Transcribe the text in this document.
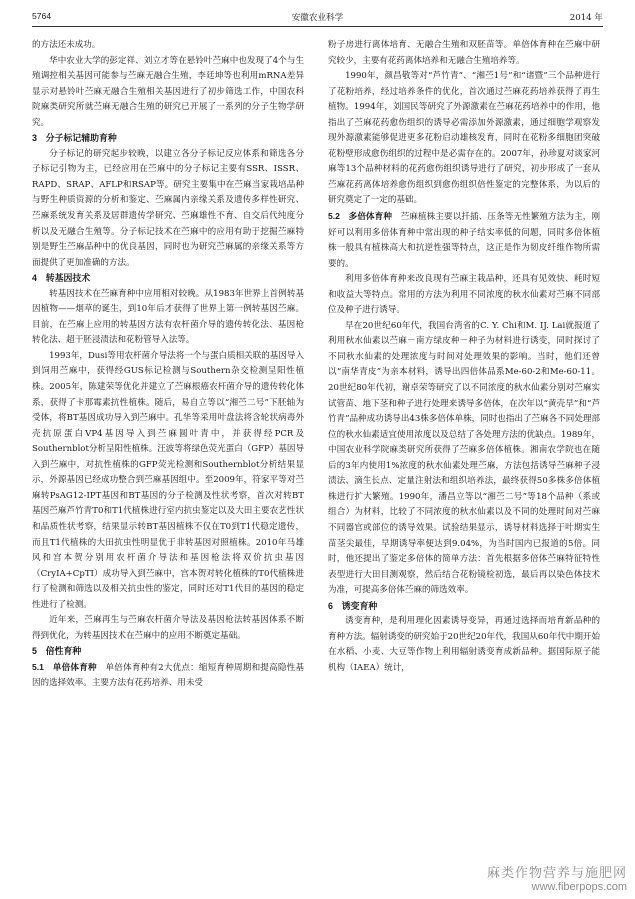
5764	安徽农业科学	2014 年

的方法还未成功。

华中农业大学的彭定祥、刘立才等在悬铃叶苎麻中也发现了4个与生殖调控相关基因可能参与苎麻无融合生殖，李廷坤等也利用mRNA差异显示对悬铃叶苎麻无融合生殖相关基因进行了初步筛选工作，中国农科院麻类研究所就苎麻无融合生殖的研究已开展了一系列的分子生物学研究。

3　分子标记辅助育种

分子标记的研究起步较晚，以建立各分子标记反应体系和筛选各分子标记引物为主，已经应用在苎麻中的分子标记主要有SSR、ISSR、RAPD、SRAP、AFLP和RSAP等。研究主要集中在苎麻当家栽培品种与野生种质资源的分析和鉴定、苎麻属内亲缘关系及遗传多样性研究、苎麻系统发育关系及居群遗传学研究、苎麻雄性不育、自交后代纯度分析以及无融合生殖等。分子标记技术在苎麻中的应用有助于挖掘苎麻特别是野生苎麻品种中的优良基因，同时也为研究苎麻属的亲缘关系等方面提供了更加准确的方法。

4　转基因技术

转基因技术在苎麻育种中应用相对较晚。从1983年世界上首例转基因植物——烟草的诞生，到10年后才获得了世界上第一例转基因苎麻。目前，在苎麻上应用的转基因方法有农杆菌介导的遗传转化法、基因枪转化法、超干胚浸渍法和花粉管导入法等。

1993年，Dusi等用农杆菌介导法将一个与蛋白质相关联的基因导入到饲用苎麻中，获得经GUS标记检测与Southern杂交检测呈阳性植株。2005年，陈建荣等优化并建立了苎麻根癌农杆菌介导的遗传转化体系，获得了卡那霉素抗性植株。随后，易自立等以“湘苎二号”下胚轴为受体，将BT基因成功导入到苎麻中。孔华等采用叶盘法将含轮状病毒外壳抗原蛋白VP4基因导入到苎麻圆叶青中，并获得经PCR及Southernblot分析呈阳性植株。汪波等将绿色荧光蛋白（GFP）基因导入到苎麻中，对抗性植株的GFP荧光检测和Southernblot分析结果显示，外源基因已经成功整合到苎麻基因组中。至2009年，符家平等对苎麻转PsAG12-IPT基因和BT基因的分子检测及性状考察，首次对转BT基因苎麻芦竹青T0和T1代植株进行室内抗虫鉴定以及大田主要农艺性状和品质性状考察，结果显示转BT基因植株不仅在T0到T1代稳定遗传，而且T1代植株的大田抗虫性明显优于非转基因对照植株。2010年马雄风和宫本贺分别用农杆菌介导法和基因枪法将双价抗虫基因（CryIA+CpTI）成功导入到苎麻中，宫本贺对转化植株的T0代植株进行了检测和筛选以及相关抗虫性的鉴定，同时还对T1代目的基因的稳定性进行了检测。

近年来，苎麻再生与苎麻农杆菌介导法及基因枪法转基因体系不断得到优化，为转基因技术在苎麻中的应用不断奠定基础。

5　倍性育种

5.1　单倍体育种　单倍体育种有2大优点：缩短育种周期和提高隐性基因的选择效率。主要方法有花药培养、用未受

粉子房进行离体培育、无融合生殖和双胚苗等。单倍体育种在苎麻中研究较少，主要有花药离体培养和无融合生殖培养等。

1990年，颜昌敬等对“芦竹青”、“湘苎1号”和“诸暨”三个品种进行了花粉培养，经过培养条件的优化，首次通过苎麻花药培养获得了再生植物。1994年，刘国民等研究了外源激素在苎麻花药培养中的作用，他指出了苎麻花药愈伤组织的诱导必需添加外源激素，通过细胞学观察发现外源激素能够促进更多花粉启动雄核发育，同时在花粉多细胞团突破花粉壁形成愈伤组织的过程中是必需存在的。2007年，孙珍夏对谈家河麻等13个品种材料的花药愈伤组织诱导进行了研究，初步形成了一套从苎麻花药离体培养愈伤组织到愈伤组织倍性鉴定的完整体系，为以后的研究奠定了一定的基础。

5.2　多倍体育种　苎麻植株主要以扦插、压条等无性繁殖方法为主，刚好可以利用多倍体育种中常出现的种子结实率低的问题，同时多倍体植株一般具有植株高大和抗逆性强等特点，这正是作为韧皮纤维作物所需要的。

利用多倍体育种来改良现有苎麻主栽品种，还具有见效快、耗时短和收益大等特点。常用的方法为利用不同浓度的秋水仙素对苎麻不同部位及种子进行诱导。

早在20世纪60年代，我国台湾省的C. Y. Chi和M. IJ. Lai就报道了利用秋水仙素以苎麻－南方绿皮种－种子为材料进行诱变，同时探讨了不同秋水仙素的处理浓度与时间对处理效果的影响。当时，他们还曾以“南华青皮”为亲本材料，诱导出四倍体品系Me-60-2和Me-60-11。20世纪80年代初，谢卓荣等研究了以不同浓度的秋水仙素分别对苎麻实试管苗、地下茎和种子进行处理来诱导多倍体，在次年以“黄壳早”和“芦竹青”品种成功诱导出43株多倍体单株，同时也指出了苎麻各不同处理部位的秋水仙素适宜使用浓度以及总结了各处理方法的优缺点。1989年，中国农业科学院麻类研究所获得了苎麻多倍体植株。湘南农学院也在随后的3年内使用1%浓度的秋水仙素处理苎麻，方法包括诱导苎麻种子浸渍法、滴生长点、定量注射法和组织培养法，最终获得50多株多倍体植株进行扩大繁殖。1990年，潘昌立等以“湘苎二号”等18个品种（系或组合）为材料，比较了不同浓度的秋水仙素以及不同的处理时间对苎麻不同器官或部位的诱导效果。试验结果显示，诱导材料选择于叶期实生苗茎尖最佳，早期诱导率便达到9.04%，为当时国内已报道的5倍。同时，他还提出了鉴定多倍体的简单方法：首先根据多倍体苎麻特征特性表型进行大田目测观察，然后结合花粉镜检初选，最后再以染色体技术为准，可提高多倍体苎麻的筛选效率。

6　诱变育种

诱变育种，是利用理化因素诱导变异，再通过选择而培育新品种的育种方法。辐射诱变的研究始于20世纪20年代，我国从60年代中期开始在水稻、小麦、大豆等作物上利用辐射诱变育成新品种。据国际原子能机构（IAEA）统计，

麻类作物营养与施肥网
www.fiberpops.com
